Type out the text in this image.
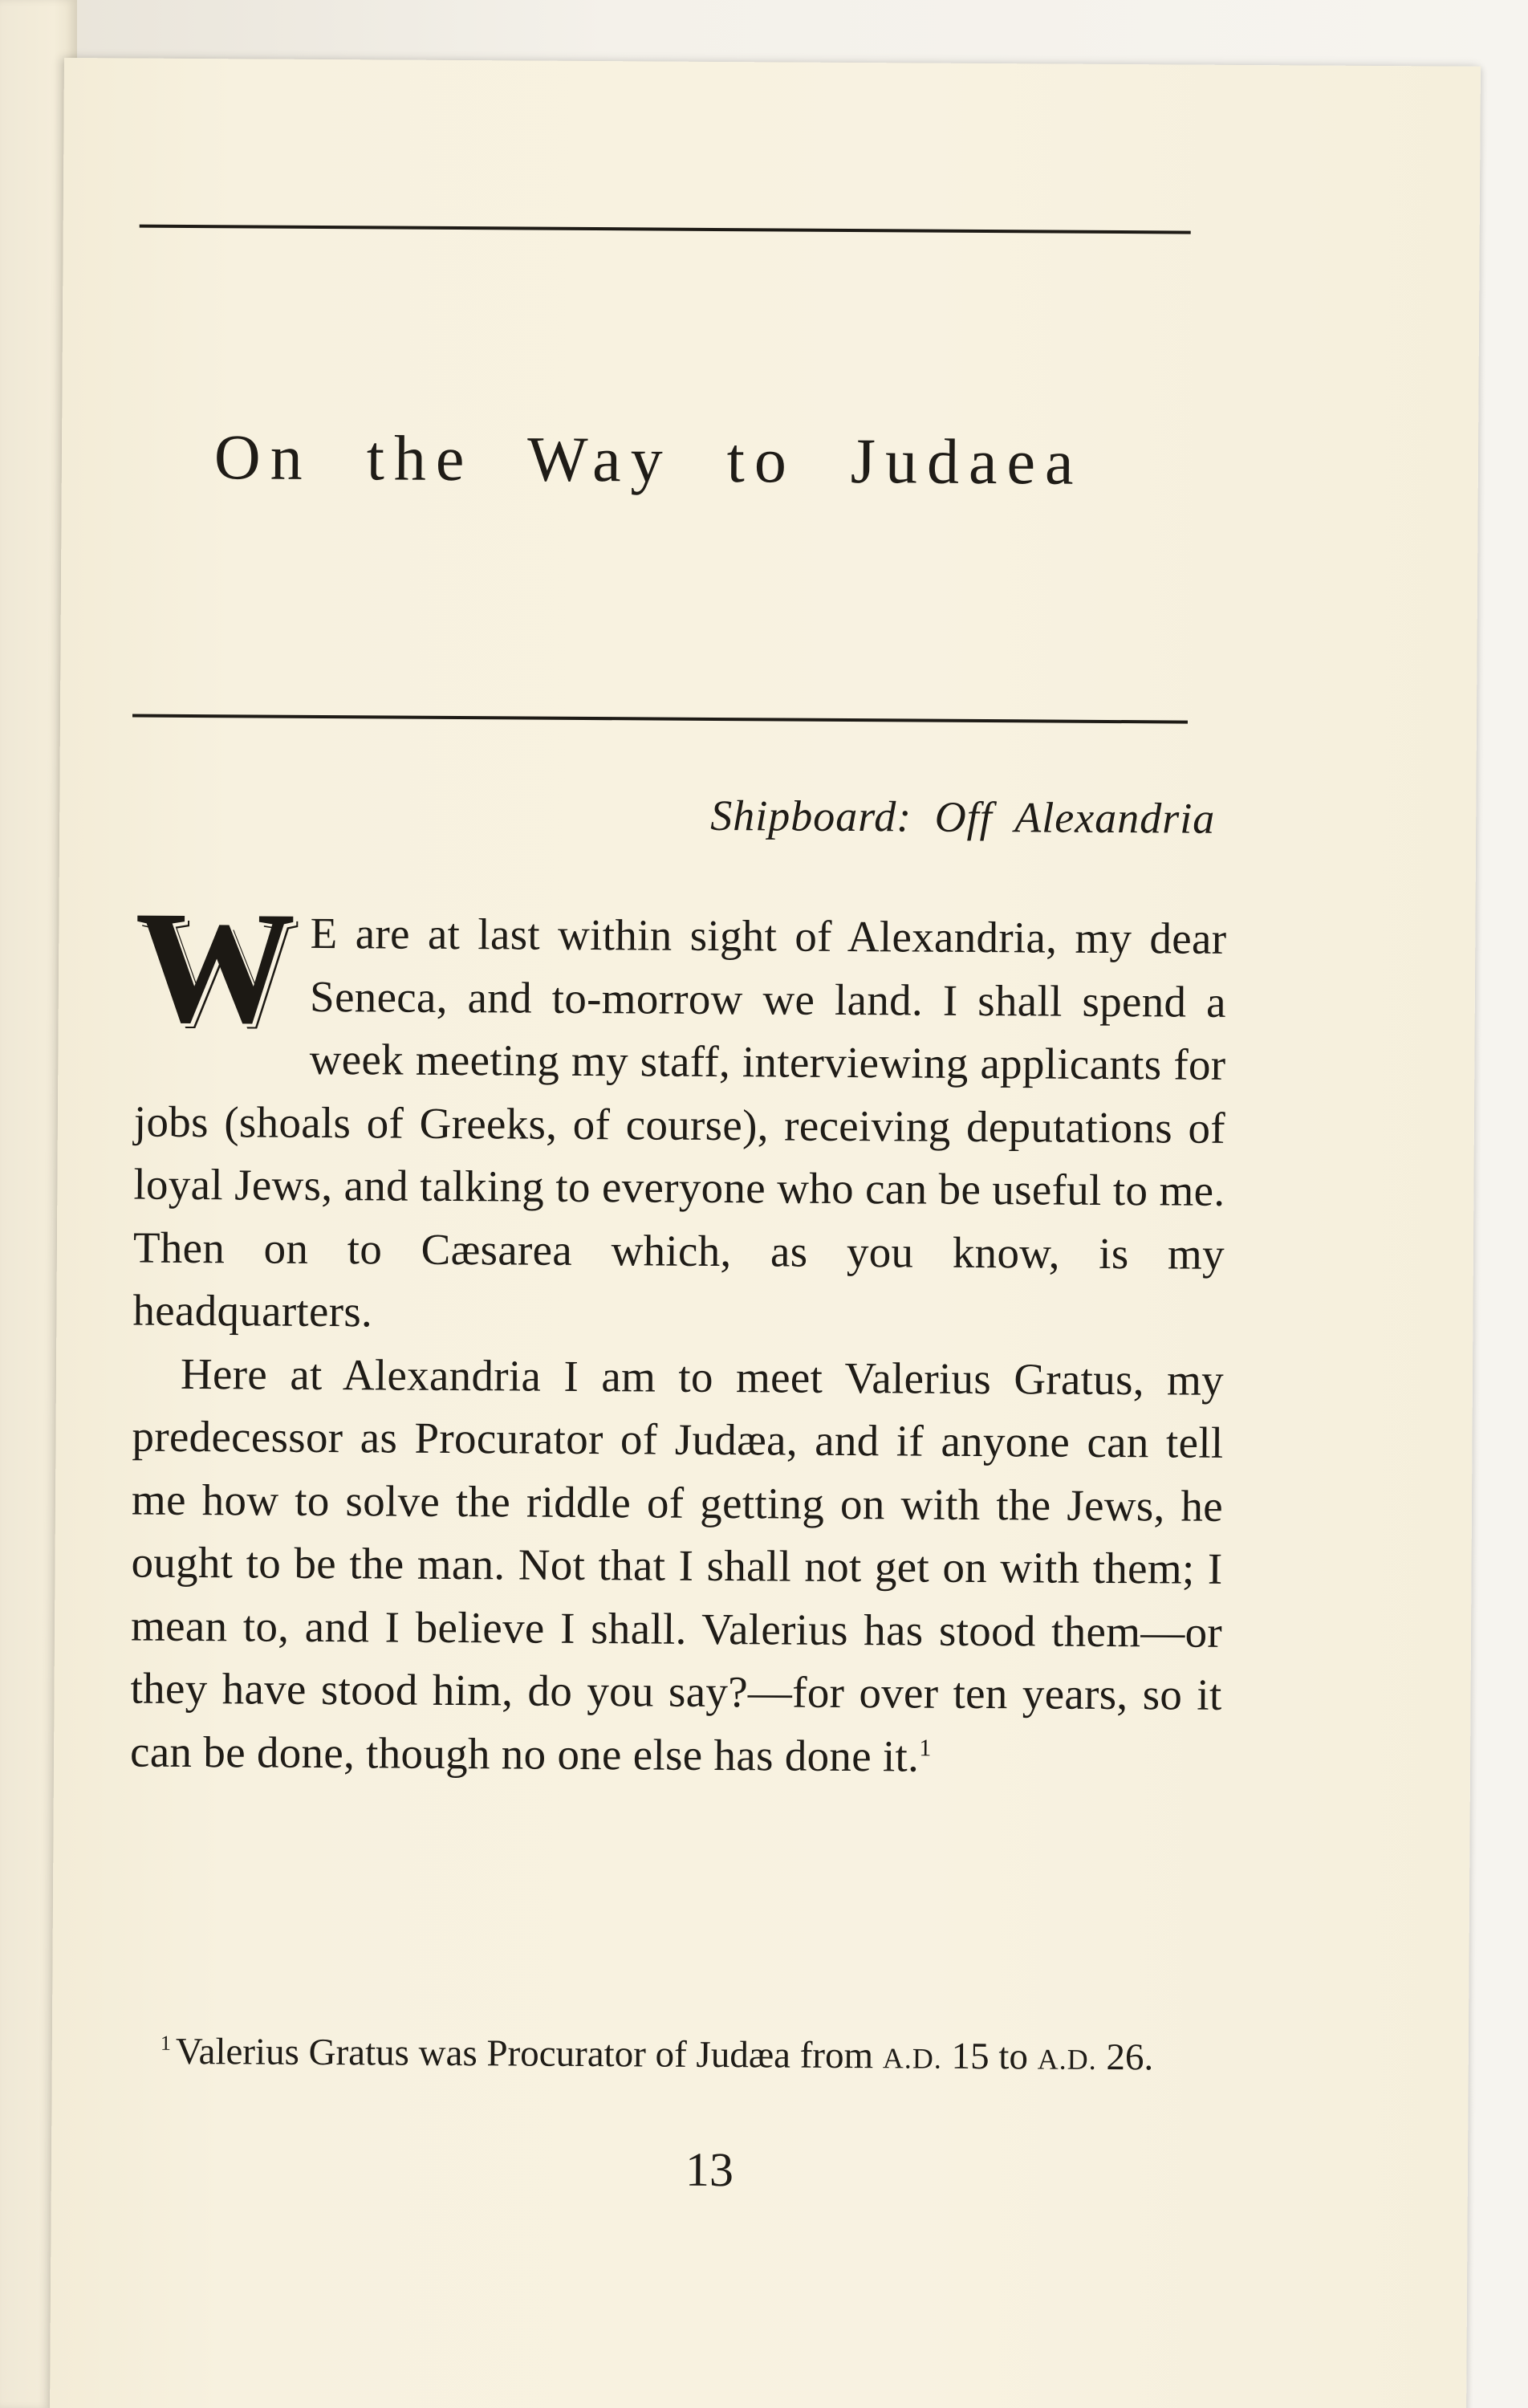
On the Way to Judaea
Shipboard: Off Alexandria

W E are at last within sight of Alexandria, my dear Seneca, and to-morrow we land. I shall spend a week meeting my staff, interviewing applicants for jobs (shoals of Greeks, of course), receiving deputations of loyal Jews, and talking to everyone who can be useful to me. Then on to Cæsarea which, as you know, is my headquarters.

Here at Alexandria I am to meet Valerius Gratus, my predecessor as Procurator of Judæa, and if anyone can tell me how to solve the riddle of getting on with the Jews, he ought to be the man. Not that I shall not get on with them; I mean to, and I believe I shall. Valerius has stood them—or they have stood him, do you say?—for over ten years, so it can be done, though no one else has done it.$^1$

$^1$ Valerius Gratus was Procurator of Judæa from A.D. 15 to A.D. 26.
13
